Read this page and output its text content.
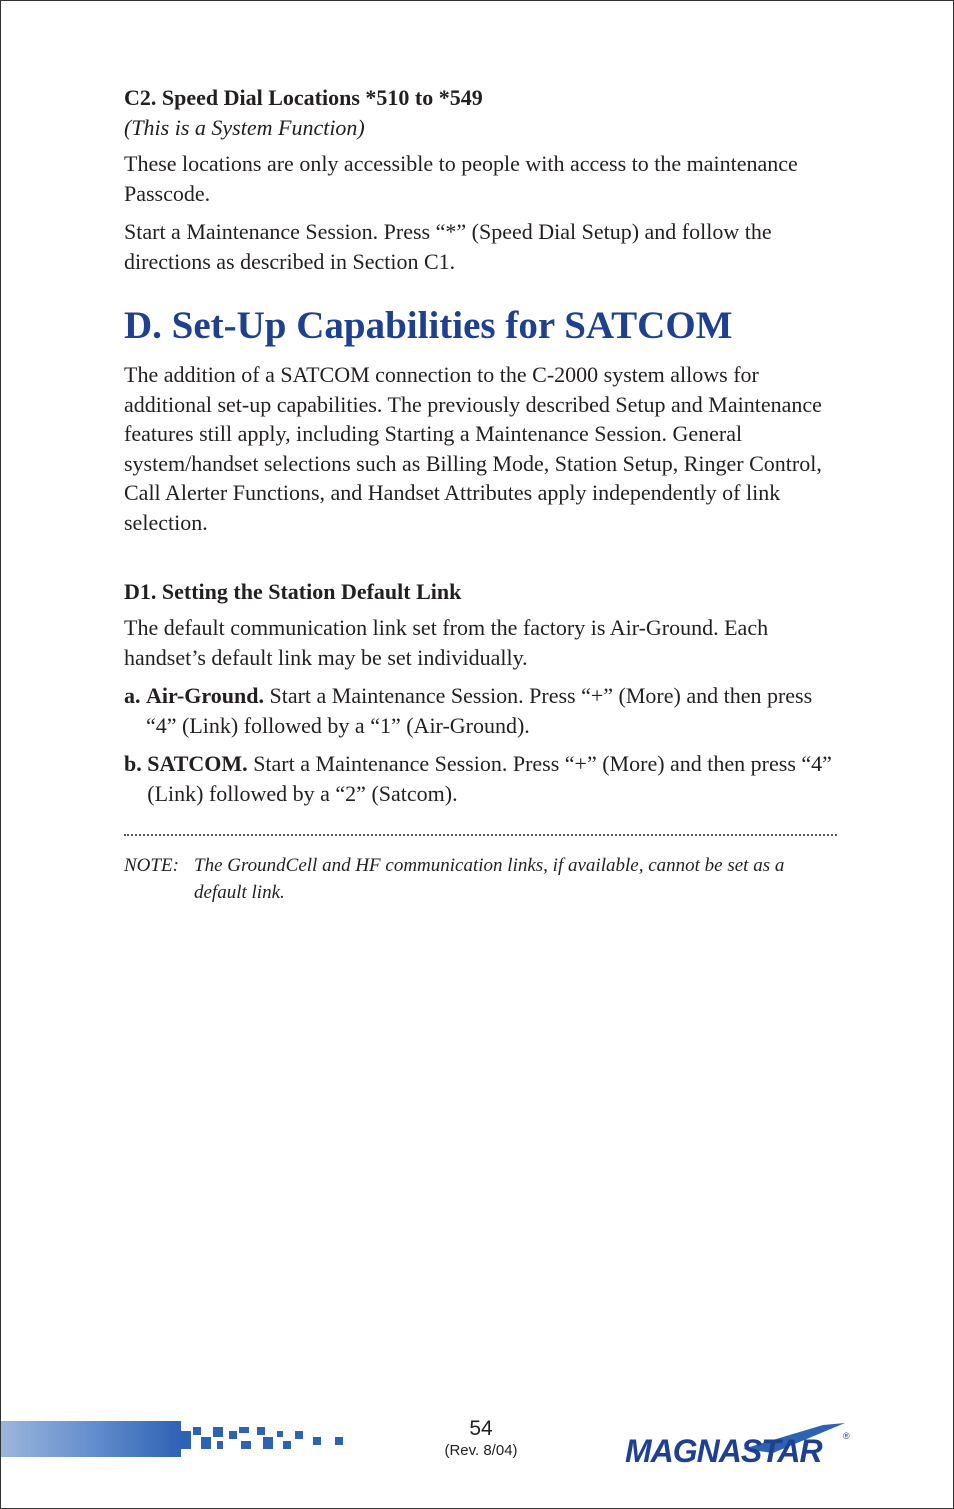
C2. Speed Dial Locations *510 to *549
(This is a System Function)

These locations are only accessible to people with access to the maintenance Passcode.

Start a Maintenance Session. Press “*” (Speed Dial Setup) and follow the directions as described in Section C1.

D. Set-Up Capabilities for SATCOM

The addition of a SATCOM connection to the C-2000 system allows for additional set-up capabilities. The previously described Setup and Maintenance features still apply, including Starting a Maintenance Session. General system/handset selections such as Billing Mode, Station Setup, Ringer Control, Call Alerter Functions, and Handset Attributes apply independently of link selection.

D1. Setting the Station Default Link

The default communication link set from the factory is Air-Ground. Each handset’s default link may be set individually.

a. Air-Ground. Start a Maintenance Session. Press “+” (More) and then press “4” (Link) followed by a “1” (Air-Ground).
b. SATCOM. Start a Maintenance Session. Press “+” (More) and then press “4” (Link) followed by a “2” (Satcom).
NOTE: The GroundCell and HF communication links, if available, cannot be set as a default link.
54
(Rev. 8/04)	MAGNASTAR ®
